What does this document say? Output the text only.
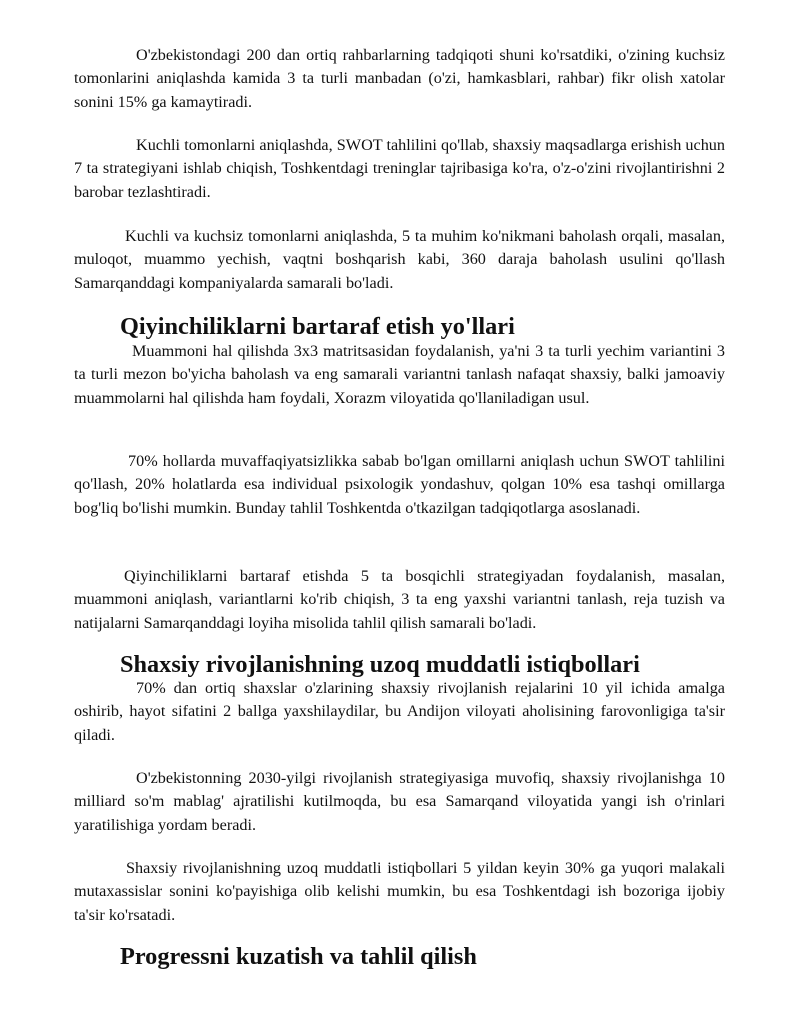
O'zbekistondagi 200 dan ortiq rahbarlarning tadqiqoti shuni ko'rsatdiki, o'zining kuchsiz tomonlarini aniqlashda kamida 3 ta turli manbadan (o'zi, hamkasblari, rahbar) fikr olish xatolar sonini 15% ga kamaytiradi.

Kuchli tomonlarni aniqlashda, SWOT tahlilini qo'llab, shaxsiy maqsadlarga erishish uchun 7 ta strategiyani ishlab chiqish, Toshkentdagi treninglar tajribasiga ko'ra, o'z-o'zini rivojlantirishni 2 barobar tezlashtiradi.

Kuchli va kuchsiz tomonlarni aniqlashda, 5 ta muhim ko'nikmani baholash orqali, masalan, muloqot, muammo yechish, vaqtni boshqarish kabi, 360 daraja baholash usulini qo'llash Samarqanddagi kompaniyalarda samarali bo'ladi.

Qiyinchiliklarni bartaraf etish yo'llari

Muammoni hal qilishda 3x3 matritsasidan foydalanish, ya'ni 3 ta turli yechim variantini 3 ta turli mezon bo'yicha baholash va eng samarali variantni tanlash nafaqat shaxsiy, balki jamoaviy muammolarni hal qilishda ham foydali, Xorazm viloyatida qo'llaniladigan usul.

70% hollarda muvaffaqiyatsizlikka sabab bo'lgan omillarni aniqlash uchun SWOT tahlilini qo'llash, 20% holatlarda esa individual psixologik yondashuv, qolgan 10% esa tashqi omillarga bog'liq bo'lishi mumkin. Bunday tahlil Toshkentda o'tkazilgan tadqiqotlarga asoslanadi.

Qiyinchiliklarni bartaraf etishda 5 ta bosqichli strategiyadan foydalanish, masalan, muammoni aniqlash, variantlarni ko'rib chiqish, 3 ta eng yaxshi variantni tanlash, reja tuzish va natijalarni Samarqanddagi loyiha misolida tahlil qilish samarali bo'ladi.

Shaxsiy rivojlanishning uzoq muddatli istiqbollari

70% dan ortiq shaxslar o'zlarining shaxsiy rivojlanish rejalarini 10 yil ichida amalga oshirib, hayot sifatini 2 ballga yaxshilaydilar, bu Andijon viloyati aholisining farovonligiga ta'sir qiladi.

O'zbekistonning 2030-yilgi rivojlanish strategiyasiga muvofiq, shaxsiy rivojlanishga 10 milliard so'm mablag' ajratilishi kutilmoqda, bu esa Samarqand viloyatida yangi ish o'rinlari yaratilishiga yordam beradi.

Shaxsiy rivojlanishning uzoq muddatli istiqbollari 5 yildan keyin 30% ga yuqori malakali mutaxassislar sonini ko'payishiga olib kelishi mumkin, bu esa Toshkentdagi ish bozoriga ijobiy ta'sir ko'rsatadi.

Progressni kuzatish va tahlil qilish
